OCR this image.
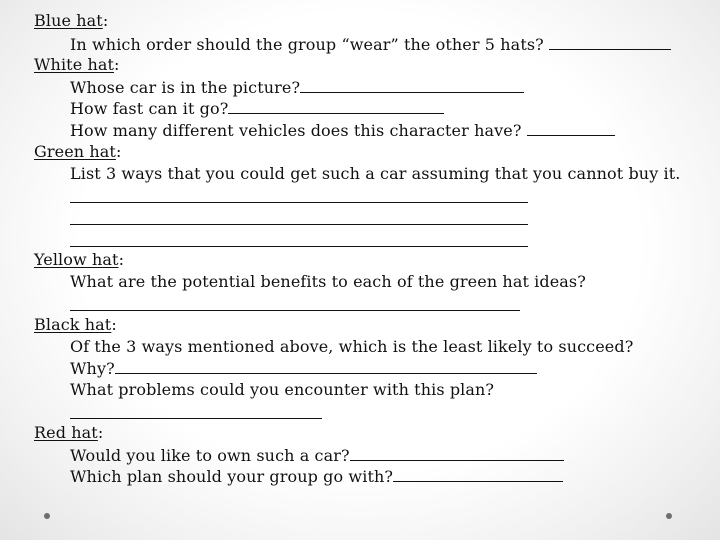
Blue hat:
In which order should the group “wear” the other 5 hats?
White hat:
Whose car is in the picture?
How fast can it go?
How many different vehicles does this character have?
Green hat:
List 3 ways that you could get such a car assuming that you cannot buy it.
Yellow hat:
What are the potential benefits to each of the green hat ideas?
Black hat:
Of the 3 ways mentioned above, which is the least likely to succeed?
Why?
What problems could you encounter with this plan?
Red hat:
Would you like to own such a car?
Which plan should your group go with?
